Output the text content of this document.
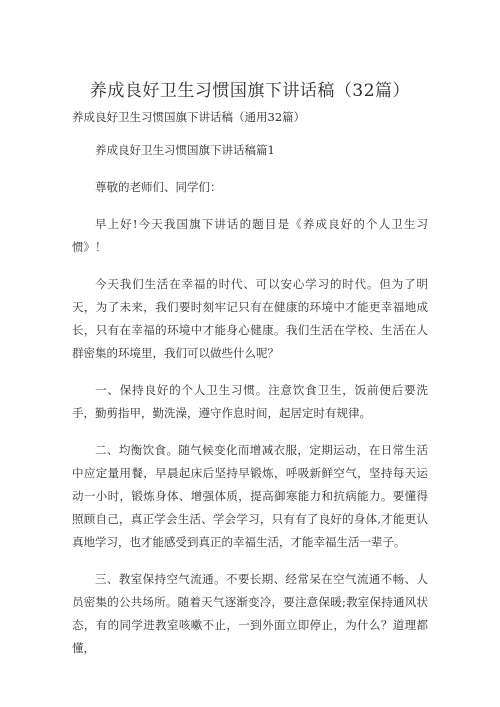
养成良好卫生习惯国旗下讲话稿（32篇）
养成良好卫生习惯国旗下讲话稿（通用32篇）

养成良好卫生习惯国旗下讲话稿篇1

尊敬的老师们、同学们：

早上好!今天我国旗下讲话的题目是《养成良好的个人卫生习惯》！

今天我们生活在幸福的时代、可以安心学习的时代。但为了明天，为了未来，我们要时刻牢记只有在健康的环境中才能更幸福地成长，只有在幸福的环境中才能身心健康。我们生活在学校、生活在人群密集的环境里，我们可以做些什么呢？

一、保持良好的个人卫生习惯。注意饮食卫生，饭前便后要洗手，勤剪指甲，勤洗澡，遵守作息时间，起居定时有规律。

二、均衡饮食。随气候变化而增减衣服，定期运动，在日常生活中应定量用餐，早晨起床后坚持早锻炼，呼吸新鲜空气，坚持每天运动一小时，锻炼身体、增强体质，提高御寒能力和抗病能力。要懂得照顾自己，真正学会生活、学会学习，只有有了良好的身体,才能更认真地学习，也才能感受到真正的幸福生活，才能幸福生活一辈子。

三、教室保持空气流通。不要长期、经常呆在空气流通不畅、人员密集的公共场所。随着天气逐渐变冷，要注意保暖;教室保持通风状态，有的同学进教室咳嗽不止，一到外面立即停止，为什么？道理都懂，
